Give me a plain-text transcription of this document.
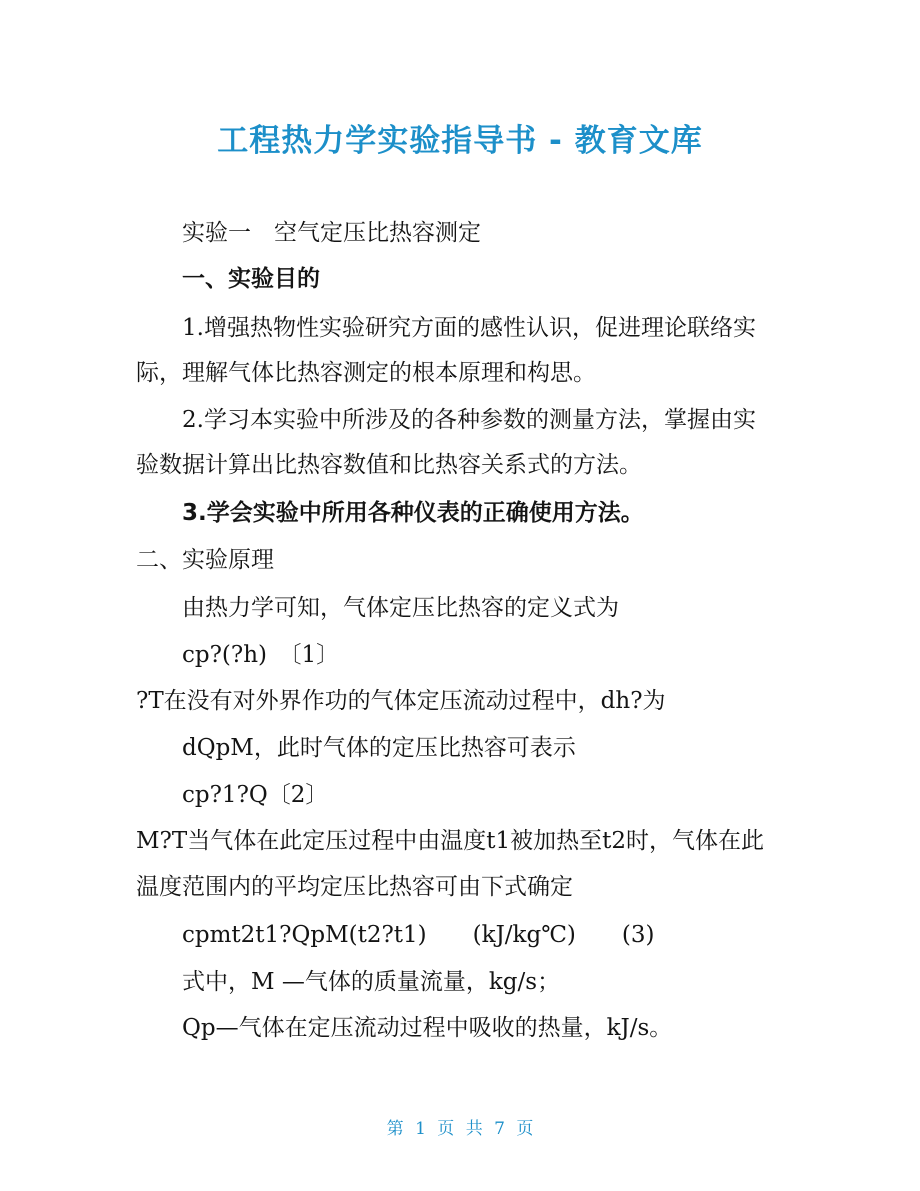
工程热力学实验指导书 - 教育文库
实验一　空气定压比热容测定
一、实验目的
1.增强热物性实验研究方面的感性认识，促进理论联络实
际，理解气体比热容测定的根本原理和构思。
2.学习本实验中所涉及的各种参数的测量方法，掌握由实
验数据计算出比热容数值和比热容关系式的方法。
3.学会实验中所用各种仪表的正确使用方法。
二、实验原理
由热力学可知，气体定压比热容的定义式为
cp?(?h)　〔1〕
?T在没有对外界作功的气体定压流动过程中，dh?为
dQpM，此时气体的定压比热容可表示
cp?1?Q〔2〕
M?T当气体在此定压过程中由温度t1被加热至t2时，气体在此
温度范围内的平均定压比热容可由下式确定
cpmt2t1?QpM(t2?t1)　　(kJ/kg℃)　　(3)
式中，M —气体的质量流量，kg/s；
Qp—气体在定压流动过程中吸收的热量，kJ/s。
第 1 页 共 7 页
